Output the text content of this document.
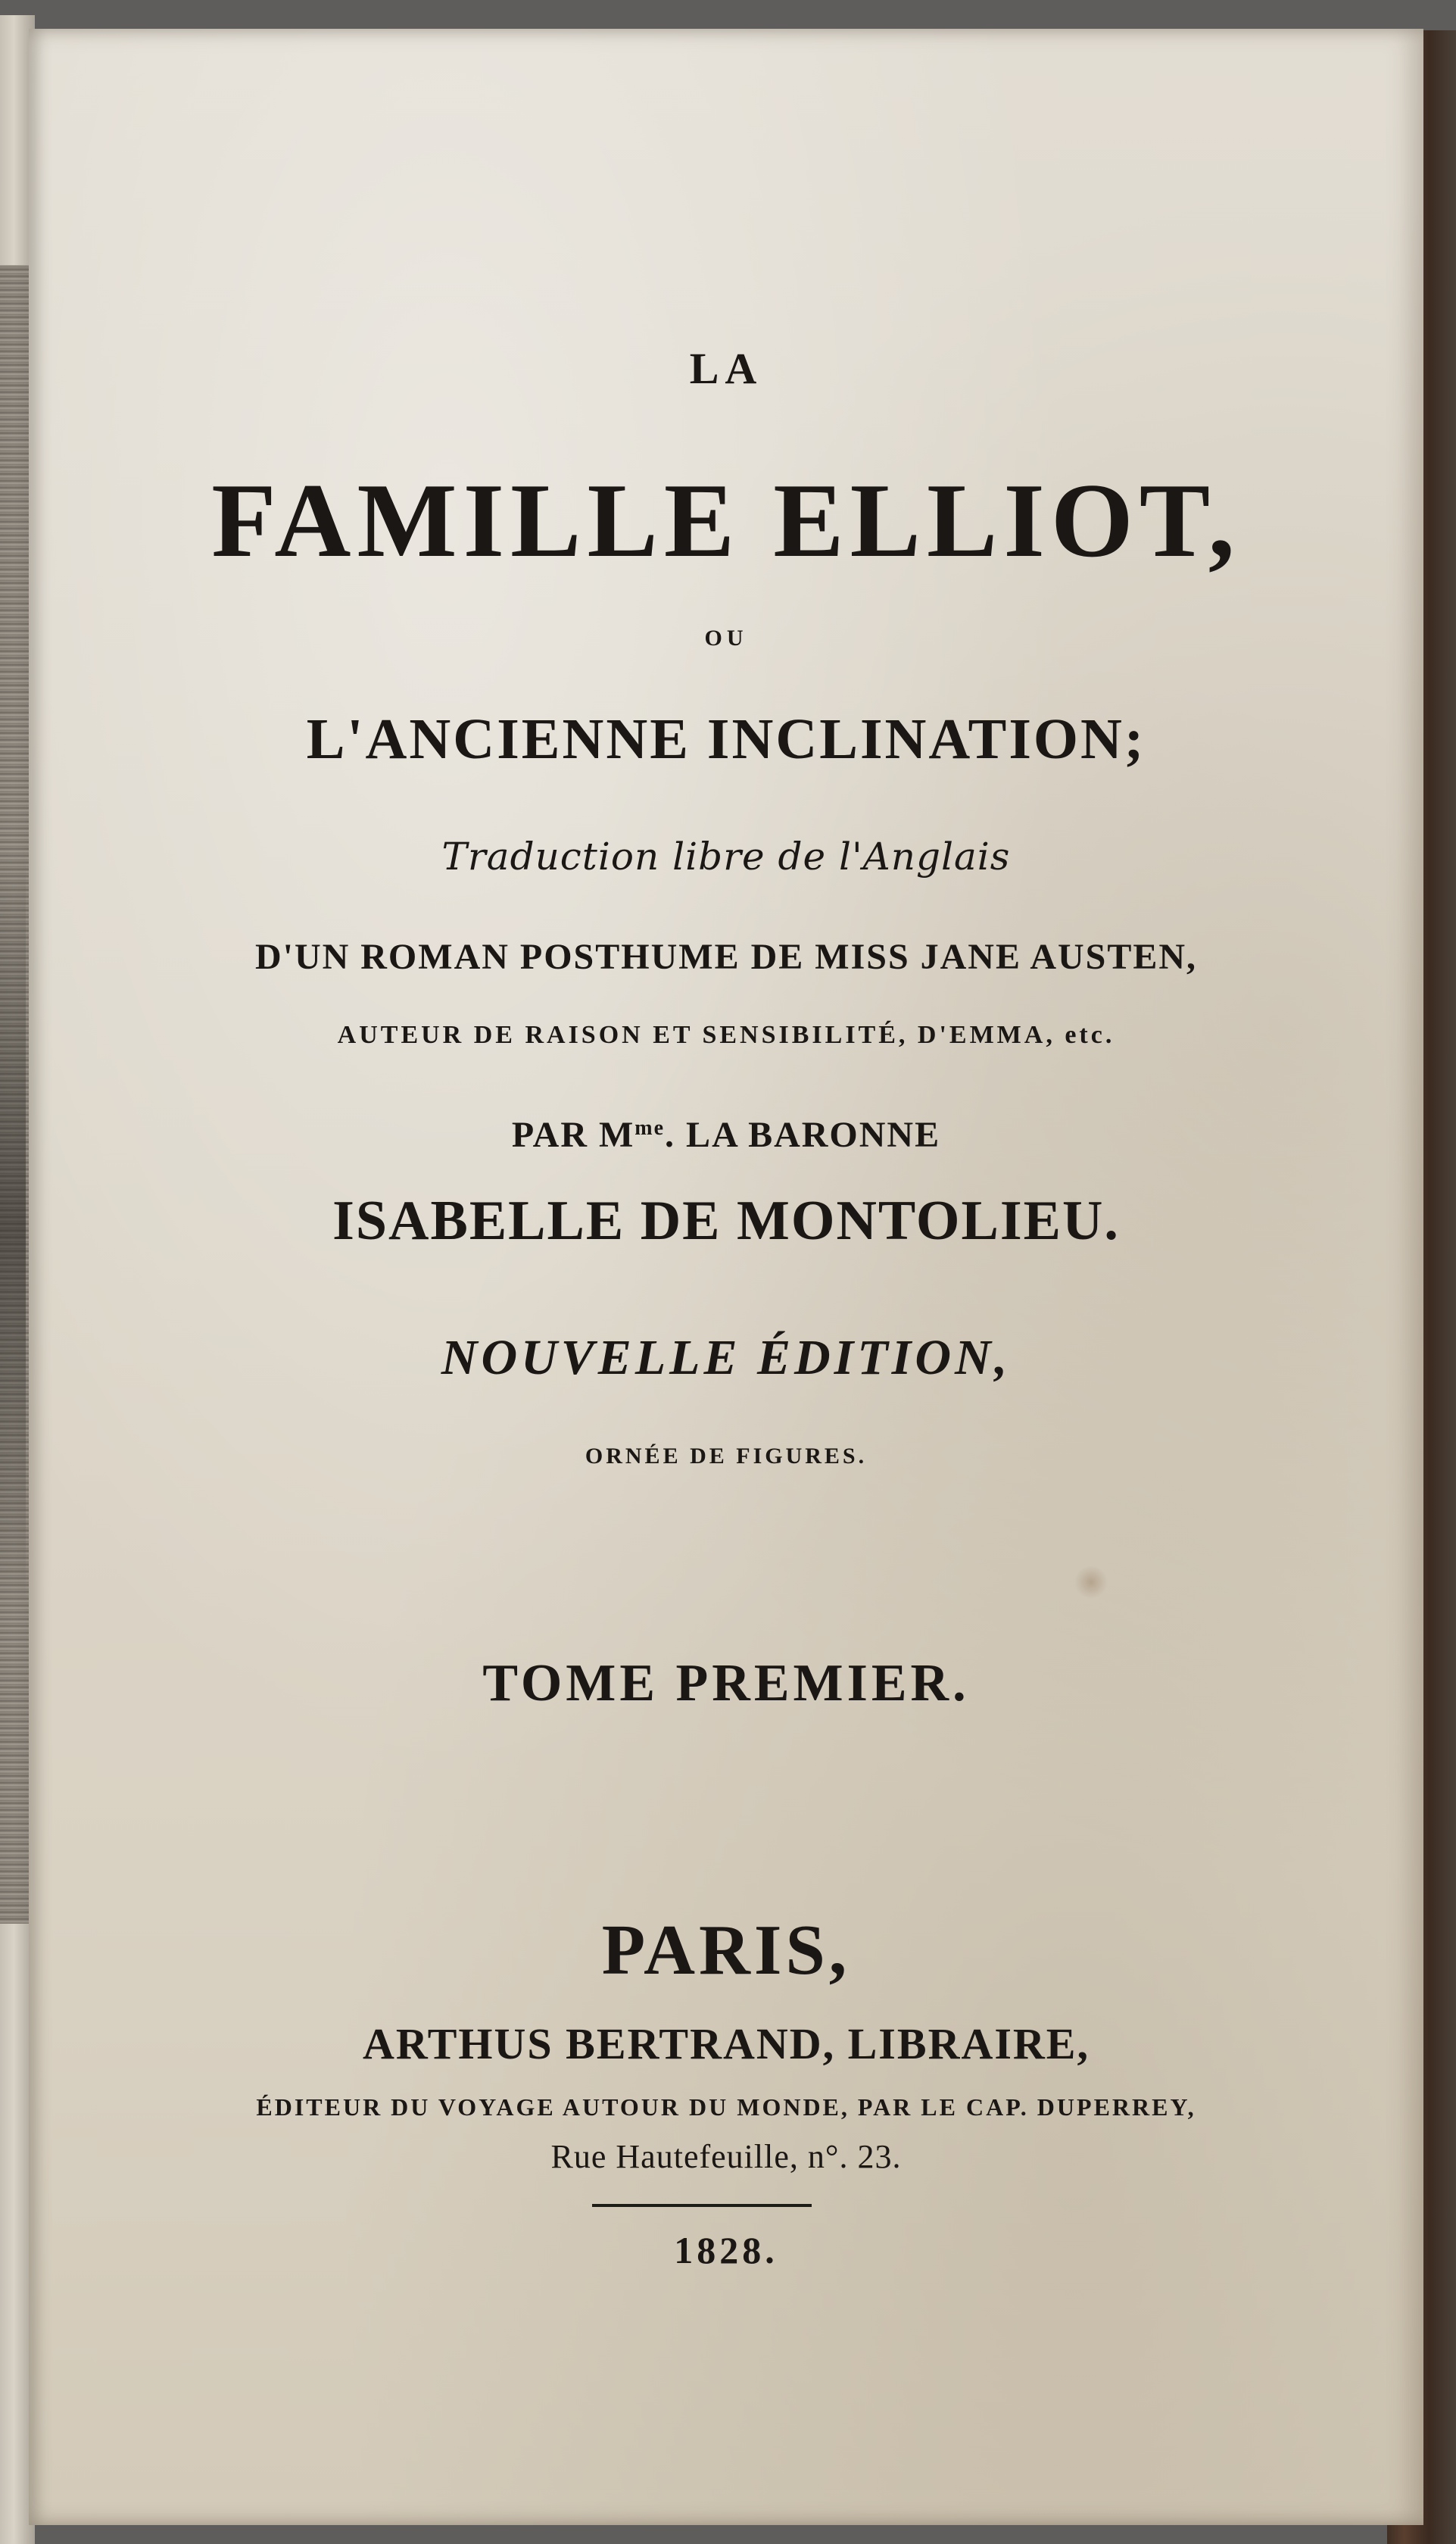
LA
FAMILLE ELLIOT,
OU
L'ANCIENNE INCLINATION;
Traduction libre de l'Anglais
D'UN ROMAN POSTHUME DE MISS JANE AUSTEN,
AUTEUR DE RAISON ET SENSIBILITÉ, D'EMMA, etc.
PAR $M^{me}$. LA BARONNE
ISABELLE DE MONTOLIEU.
NOUVELLE ÉDITION,
ORNÉE DE FIGURES.
TOME PREMIER.
PARIS,
ARTHUS BERTRAND, LIBRAIRE,
ÉDITEUR DU VOYAGE AUTOUR DU MONDE, PAR LE CAP. DUPERREY,
Rue Hautefeuille, n°. 23.
1828.
